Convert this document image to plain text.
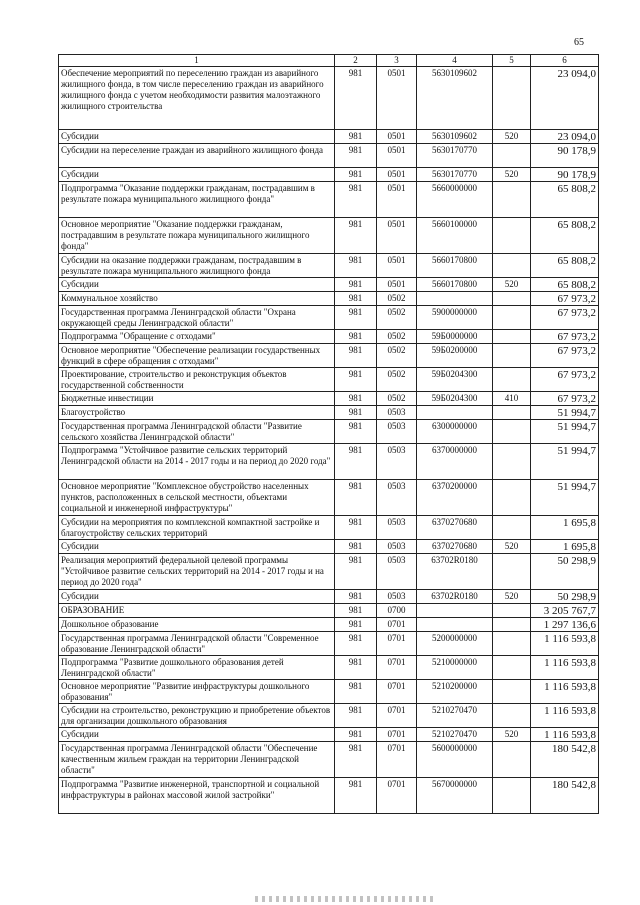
65
1	2	3	4	5	6
Обеспечение мероприятий по переселению граждан из аварийного жилищного фонда, в том числе переселению граждан из аварийного жилищного фонда с учетом необходимости развития малоэтажного жилищного строительства	981	0501	5630109602		23 094,0
Субсидии	981	0501	5630109602	520	23 094,0
Субсидии на переселение граждан из аварийного жилищного фонда	981	0501	5630170770		90 178,9
Субсидии	981	0501	5630170770	520	90 178,9
Подпрограмма "Оказание поддержки гражданам, пострадавшим в результате пожара муниципального жилищного фонда"	981	0501	5660000000		65 808,2
Основное мероприятие "Оказание поддержки гражданам, пострадавшим в результате пожара муниципального жилищного фонда"	981	0501	5660100000		65 808,2
Субсидии на оказание поддержки гражданам, пострадавшим в результате пожара муниципального жилищного фонда	981	0501	5660170800		65 808,2
Субсидии	981	0501	5660170800	520	65 808,2
Коммунальное хозяйство	981	0502			67 973,2
Государственная программа Ленинградской области "Охрана окружающей среды Ленинградской области"	981	0502	5900000000		67 973,2
Подпрограмма "Обращение с отходами"	981	0502	59Б0000000		67 973,2
Основное мероприятие "Обеспечение реализации государственных функций в сфере обращения с отходами"	981	0502	59Б0200000		67 973,2
Проектирование, строительство и реконструкция объектов государственной собственности	981	0502	59Б0204300		67 973,2
Бюджетные инвестиции	981	0502	59Б0204300	410	67 973,2
Благоустройство	981	0503			51 994,7
Государственная программа Ленинградской области "Развитие сельского хозяйства Ленинградской области"	981	0503	6300000000		51 994,7
Подпрограмма "Устойчивое развитие сельских территорий Ленинградской области на 2014 - 2017 годы и на период до 2020 года"	981	0503	6370000000		51 994,7
Основное мероприятие "Комплексное обустройство населенных пунктов, расположенных в сельской местности, объектами социальной и инженерной инфраструктуры"	981	0503	6370200000		51 994,7
Субсидии на мероприятия по комплексной компактной застройке и благоустройству сельских территорий	981	0503	6370270680		1 695,8
Субсидии	981	0503	6370270680	520	1 695,8
Реализация мероприятий федеральной целевой программы "Устойчивое развитие сельских территорий на 2014 - 2017 годы и на период до 2020 года"	981	0503	63702R0180		50 298,9
Субсидии	981	0503	63702R0180	520	50 298,9
ОБРАЗОВАНИЕ	981	0700			3 205 767,7
Дошкольное образование	981	0701			1 297 136,6
Государственная программа Ленинградской области "Современное образование Ленинградской области"	981	0701	5200000000		1 116 593,8
Подпрограмма "Развитие дошкольного образования детей Ленинградской области"	981	0701	5210000000		1 116 593,8
Основное мероприятие "Развитие инфраструктуры дошкольного образования"	981	0701	5210200000		1 116 593,8
Субсидии на строительство, реконструкцию и приобретение объектов для организации дошкольного образования	981	0701	5210270470		1 116 593,8
Субсидии	981	0701	5210270470	520	1 116 593,8
Государственная программа Ленинградской области "Обеспечение качественным жильем граждан на территории Ленинградской области"	981	0701	5600000000		180 542,8
Подпрограмма "Развитие инженерной, транспортной и социальной инфраструктуры в районах массовой жилой застройки"	981	0701	5670000000		180 542,8
